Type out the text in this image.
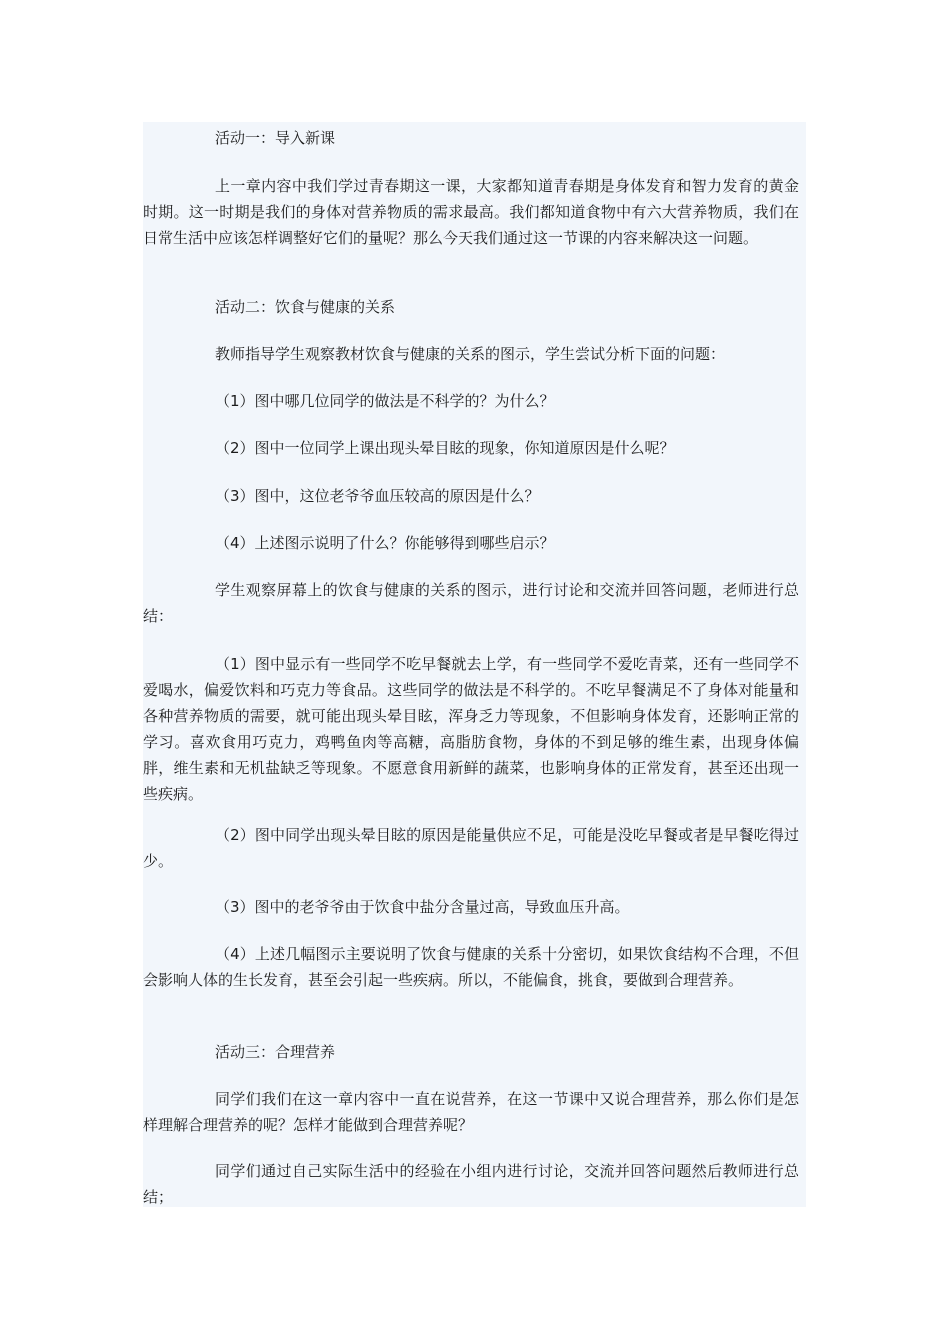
活动一：导入新课

上一章内容中我们学过青春期这一课，大家都知道青春期是身体发育和智力发育的黄金时期。这一时期是我们的身体对营养物质的需求最高。我们都知道食物中有六大营养物质，我们在日常生活中应该怎样调整好它们的量呢？那么今天我们通过这一节课的内容来解决这一问题。

活动二：饮食与健康的关系

教师指导学生观察教材饮食与健康的关系的图示，学生尝试分析下面的问题：

（1）图中哪几位同学的做法是不科学的？为什么？

（2）图中一位同学上课出现头晕目眩的现象，你知道原因是什么呢？

（3）图中，这位老爷爷血压较高的原因是什么？

（4）上述图示说明了什么？你能够得到哪些启示？

学生观察屏幕上的饮食与健康的关系的图示，进行讨论和交流并回答问题，老师进行总结：

（1）图中显示有一些同学不吃早餐就去上学，有一些同学不爱吃青菜，还有一些同学不爱喝水，偏爱饮料和巧克力等食品。这些同学的做法是不科学的。不吃早餐满足不了身体对能量和各种营养物质的需要，就可能出现头晕目眩，浑身乏力等现象，不但影响身体发育，还影响正常的学习。喜欢食用巧克力，鸡鸭鱼肉等高糖，高脂肪食物，身体的不到足够的维生素，出现身体偏胖，维生素和无机盐缺乏等现象。不愿意食用新鲜的蔬菜，也影响身体的正常发育，甚至还出现一些疾病。

（2）图中同学出现头晕目眩的原因是能量供应不足，可能是没吃早餐或者是早餐吃得过少。

（3）图中的老爷爷由于饮食中盐分含量过高，导致血压升高。

（4）上述几幅图示主要说明了饮食与健康的关系十分密切，如果饮食结构不合理，不但会影响人体的生长发育，甚至会引起一些疾病。所以，不能偏食，挑食，要做到合理营养。

活动三：合理营养

同学们我们在这一章内容中一直在说营养，在这一节课中又说合理营养，那么你们是怎样理解合理营养的呢？怎样才能做到合理营养呢？

同学们通过自己实际生活中的经验在小组内进行讨论，交流并回答问题然后教师进行总结；
